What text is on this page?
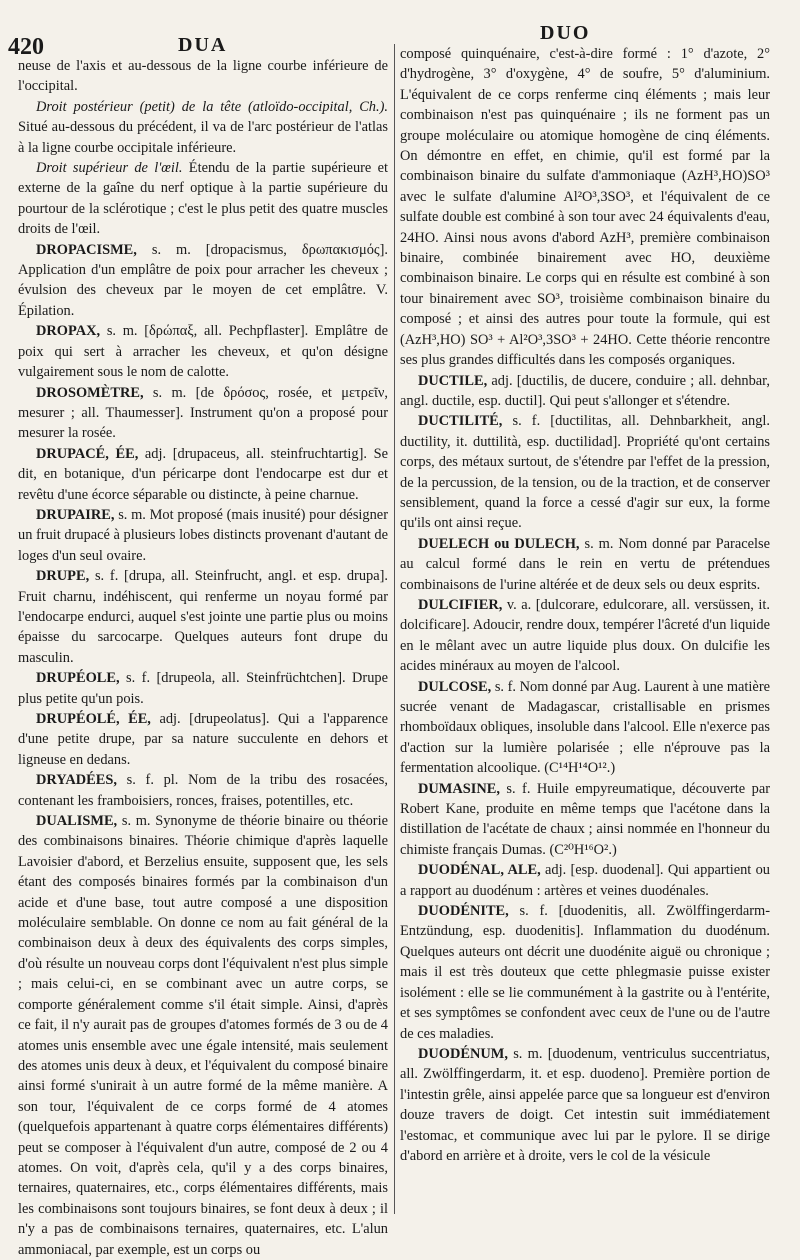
420	DUA
DUO

neuse de l'axis et au-dessous de la ligne courbe inférieure de l'occipital.

Droit postérieur (petit) de la tête (atloïdo-occipital, Ch.). Situé au-dessous du précédent, il va de l'arc postérieur de l'atlas à la ligne courbe occipitale inférieure.

Droit supérieur de l'œil. Étendu de la partie supérieure et externe de la gaîne du nerf optique à la partie supérieure du pourtour de la sclérotique ; c'est le plus petit des quatre muscles droits de l'œil.

DROPACISME, s. m. [dropacismus, δρωπακισμός]. Application d'un emplâtre de poix pour arracher les cheveux ; évulsion des cheveux par le moyen de cet emplâtre. V. Épilation.

DROPAX, s. m. [δρώπαξ, all. Pechpflaster]. Emplâtre de poix qui sert à arracher les cheveux, et qu'on désigne vulgairement sous le nom de calotte.

DROSOMÈTRE, s. m. [de δρόσος, rosée, et μετρεῖν, mesurer ; all. Thaumesser]. Instrument qu'on a proposé pour mesurer la rosée.

DRUPACÉ, ÉE, adj. [drupaceus, all. steinfruchtartig]. Se dit, en botanique, d'un péricarpe dont l'endocarpe est dur et revêtu d'une écorce séparable ou distincte, à peine charnue.

DRUPAIRE, s. m. Mot proposé (mais inusité) pour désigner un fruit drupacé à plusieurs lobes distincts provenant d'autant de loges d'un seul ovaire.

DRUPE, s. f. [drupa, all. Steinfrucht, angl. et esp. drupa]. Fruit charnu, indéhiscent, qui renferme un noyau formé par l'endocarpe endurci, auquel s'est jointe une partie plus ou moins épaisse du sarcocarpe. Quelques auteurs font drupe du masculin.

DRUPÉOLE, s. f. [drupeola, all. Steinfrüchtchen]. Drupe plus petite qu'un pois.

DRUPÉOLÉ, ÉE, adj. [drupeolatus]. Qui a l'apparence d'une petite drupe, par sa nature succulente en dehors et ligneuse en dedans.

DRYADÉES, s. f. pl. Nom de la tribu des rosacées, contenant les framboisiers, ronces, fraises, potentilles, etc.

DUALISME, s. m. Synonyme de théorie binaire ou théorie des combinaisons binaires. Théorie chimique d'après laquelle Lavoisier d'abord, et Berzelius ensuite, supposent que, les sels étant des composés binaires formés par la combinaison d'un acide et d'une base, tout autre composé a une disposition moléculaire semblable. On donne ce nom au fait général de la combinaison deux à deux des équivalents des corps simples, d'où résulte un nouveau corps dont l'équivalent n'est plus simple ; mais celui-ci, en se combinant avec un autre corps, se comporte généralement comme s'il était simple. Ainsi, d'après ce fait, il n'y aurait pas de groupes d'atomes formés de 3 ou de 4 atomes unis ensemble avec une égale intensité, mais seulement des atomes unis deux à deux, et l'équivalent du composé binaire ainsi formé s'unirait à un autre formé de la même manière. A son tour, l'équivalent de ce corps formé de 4 atomes (quelquefois appartenant à quatre corps élémentaires différents) peut se composer à l'équivalent d'un autre, composé de 2 ou 4 atomes. On voit, d'après cela, qu'il y a des corps binaires, ternaires, quaternaires, etc., corps élémentaires différents, mais les combinaisons sont toujours binaires, se font deux à deux ; il n'y a pas de combinaisons ternaires, quaternaires, etc. L'alun ammoniacal, par exemple, est un corps ou

composé quinquénaire, c'est-à-dire formé : 1° d'azote, 2° d'hydrogène, 3° d'oxygène, 4° de soufre, 5° d'aluminium. L'équivalent de ce corps renferme cinq éléments ; mais leur combinaison n'est pas quinquénaire ; ils ne forment pas un groupe moléculaire ou atomique homogène de cinq éléments. On démontre en effet, en chimie, qu'il est formé par la combinaison binaire du sulfate d'ammoniaque (AzH³,HO)SO³ avec le sulfate d'alumine Al²O³,3SO³, et l'équivalent de ce sulfate double est combiné à son tour avec 24 équivalents d'eau, 24HO. Ainsi nous avons d'abord AzH³, première combinaison binaire, combinée binairement avec HO, deuxième combinaison binaire. Le corps qui en résulte est combiné à son tour binairement avec SO³, troisième combinaison binaire du composé ; et ainsi des autres pour toute la formule, qui est (AzH³,HO) SO³ + Al²O³,3SO³ + 24HO. Cette théorie rencontre ses plus grandes difficultés dans les composés organiques.

DUCTILE, adj. [ductilis, de ducere, conduire ; all. dehnbar, angl. ductile, esp. ductil]. Qui peut s'allonger et s'étendre.

DUCTILITÉ, s. f. [ductilitas, all. Dehnbarkheit, angl. ductility, it. duttilità, esp. ductilidad]. Propriété qu'ont certains corps, des métaux surtout, de s'étendre par l'effet de la pression, de la percussion, de la tension, ou de la traction, et de conserver sensiblement, quand la force a cessé d'agir sur eux, la forme qu'ils ont ainsi reçue.

DUELECH ou DULECH, s. m. Nom donné par Paracelse au calcul formé dans le rein en vertu de prétendues combinaisons de l'urine altérée et de deux sels ou deux esprits.

DULCIFIER, v. a. [dulcorare, edulcorare, all. versüssen, it. dolcificare]. Adoucir, rendre doux, tempérer l'âcreté d'un liquide en le mêlant avec un autre liquide plus doux. On dulcifie les acides minéraux au moyen de l'alcool.

DULCOSE, s. f. Nom donné par Aug. Laurent à une matière sucrée venant de Madagascar, cristallisable en prismes rhomboïdaux obliques, insoluble dans l'alcool. Elle n'exerce pas d'action sur la lumière polarisée ; elle n'éprouve pas la fermentation alcoolique. (C¹⁴H¹⁴O¹².)

DUMASINE, s. f. Huile empyreumatique, découverte par Robert Kane, produite en même temps que l'acétone dans la distillation de l'acétate de chaux ; ainsi nommée en l'honneur du chimiste français Dumas. (C²⁰H¹⁶O².)

DUODÉNAL, ALE, adj. [esp. duodenal]. Qui appartient ou a rapport au duodénum : artères et veines duodénales.

DUODÉNITE, s. f. [duodenitis, all. Zwölffingerdarm-Entzündung, esp. duodenitis]. Inflammation du duodénum. Quelques auteurs ont décrit une duodénite aiguë ou chronique ; mais il est très douteux que cette phlegmasie puisse exister isolément : elle se lie communément à la gastrite ou à l'entérite, et ses symptômes se confondent avec ceux de l'une ou de l'autre de ces maladies.

DUODÉNUM, s. m. [duodenum, ventriculus succentriatus, all. Zwölffingerdarm, it. et esp. duodeno]. Première portion de l'intestin grêle, ainsi appelée parce que sa longueur est d'environ douze travers de doigt. Cet intestin suit immédiatement l'estomac, et communique avec lui par le pylore. Il se dirige d'abord en arrière et à droite, vers le col de la vésicule
